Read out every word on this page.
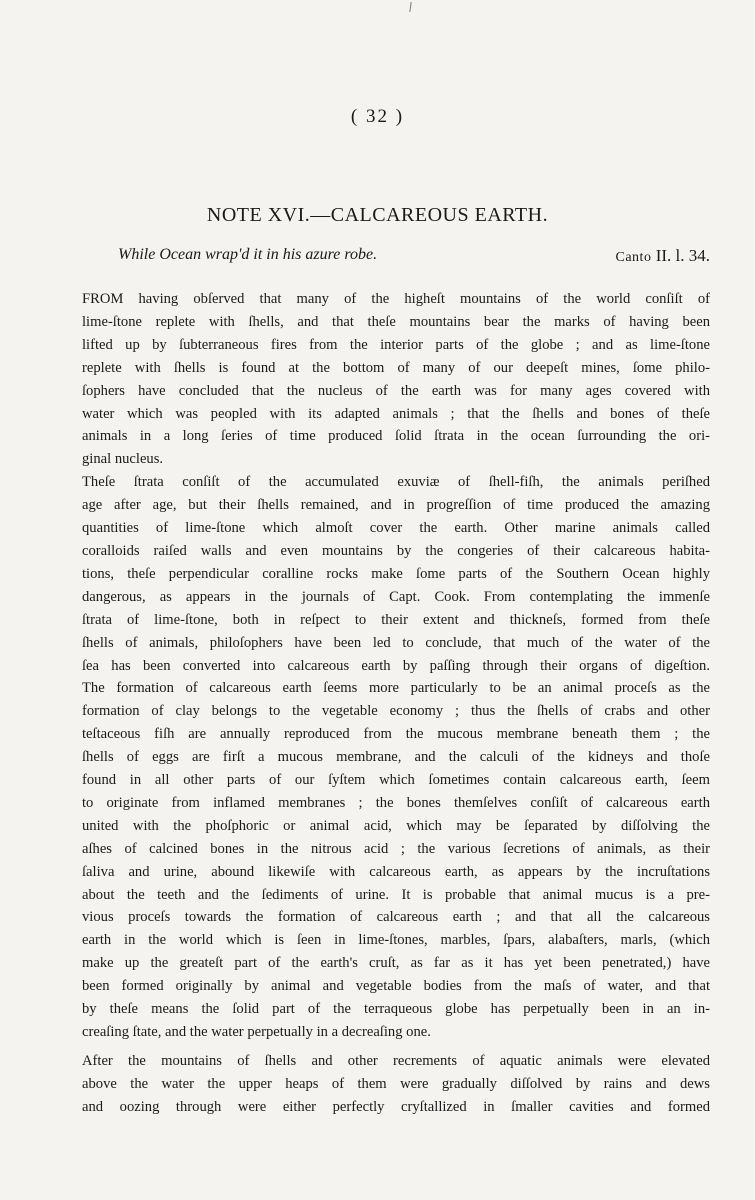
( 32 )
NOTE XVI.—CALCAREOUS EARTH.
While Ocean wrap'd it in his azure robe.	Canto II. l. 34.

FROM having obſerved that many of the higheſt mountains of the world conſiſt of
lime-ſtone replete with ſhells, and that theſe mountains bear the marks of having been
lifted up by ſubterraneous fires from the interior parts of the globe ; and as lime-ſtone
replete with ſhells is found at the bottom of many of our deepeſt mines, ſome philo-
ſophers have concluded that the nucleus of the earth was for many ages covered with
water which was peopled with its adapted animals ; that the ſhells and bones of theſe
animals in a long ſeries of time produced ſolid ſtrata in the ocean ſurrounding the ori-
ginal nucleus.

Theſe ſtrata conſiſt of the accumulated exuviæ of ſhell-fiſh, the animals periſhed
age after age, but their ſhells remained, and in progreſſion of time produced the amazing
quantities of lime-ſtone which almoſt cover the earth. Other marine animals called
coralloids raiſed walls and even mountains by the congeries of their calcareous habita-
tions, theſe perpendicular coralline rocks make ſome parts of the Southern Ocean highly
dangerous, as appears in the journals of Capt. Cook. From contemplating the immenſe
ſtrata of lime-ſtone, both in reſpect to their extent and thickneſs, formed from theſe
ſhells of animals, philoſophers have been led to conclude, that much of the water of the
ſea has been converted into calcareous earth by paſſing through their organs of digeſtion.
The formation of calcareous earth ſeems more particularly to be an animal proceſs as the
formation of clay belongs to the vegetable economy ; thus the ſhells of crabs and other
teſtaceous fiſh are annually reproduced from the mucous membrane beneath them ; the
ſhells of eggs are firſt a mucous membrane, and the calculi of the kidneys and thoſe
found in all other parts of our ſyſtem which ſometimes contain calcareous earth, ſeem
to originate from inflamed membranes ; the bones themſelves conſiſt of calcareous earth
united with the phoſphoric or animal acid, which may be ſeparated by diſſolving the
aſhes of calcined bones in the nitrous acid ; the various ſecretions of animals, as their
ſaliva and urine, abound likewiſe with calcareous earth, as appears by the incruſtations
about the teeth and the ſediments of urine. It is probable that animal mucus is a pre-
vious proceſs towards the formation of calcareous earth ; and that all the calcareous
earth in the world which is ſeen in lime-ſtones, marbles, ſpars, alabaſters, marls, (which
make up the greateſt part of the earth's cruſt, as far as it has yet been penetrated,) have
been formed originally by animal and vegetable bodies from the maſs of water, and that
by theſe means the ſolid part of the terraqueous globe has perpetually been in an in-
creaſing ſtate, and the water perpetually in a decreaſing one.

After the mountains of ſhells and other recrements of aquatic animals were elevated
above the water the upper heaps of them were gradually diſſolved by rains and dews
and oozing through were either perfectly cryſtallized in ſmaller cavities and formed
